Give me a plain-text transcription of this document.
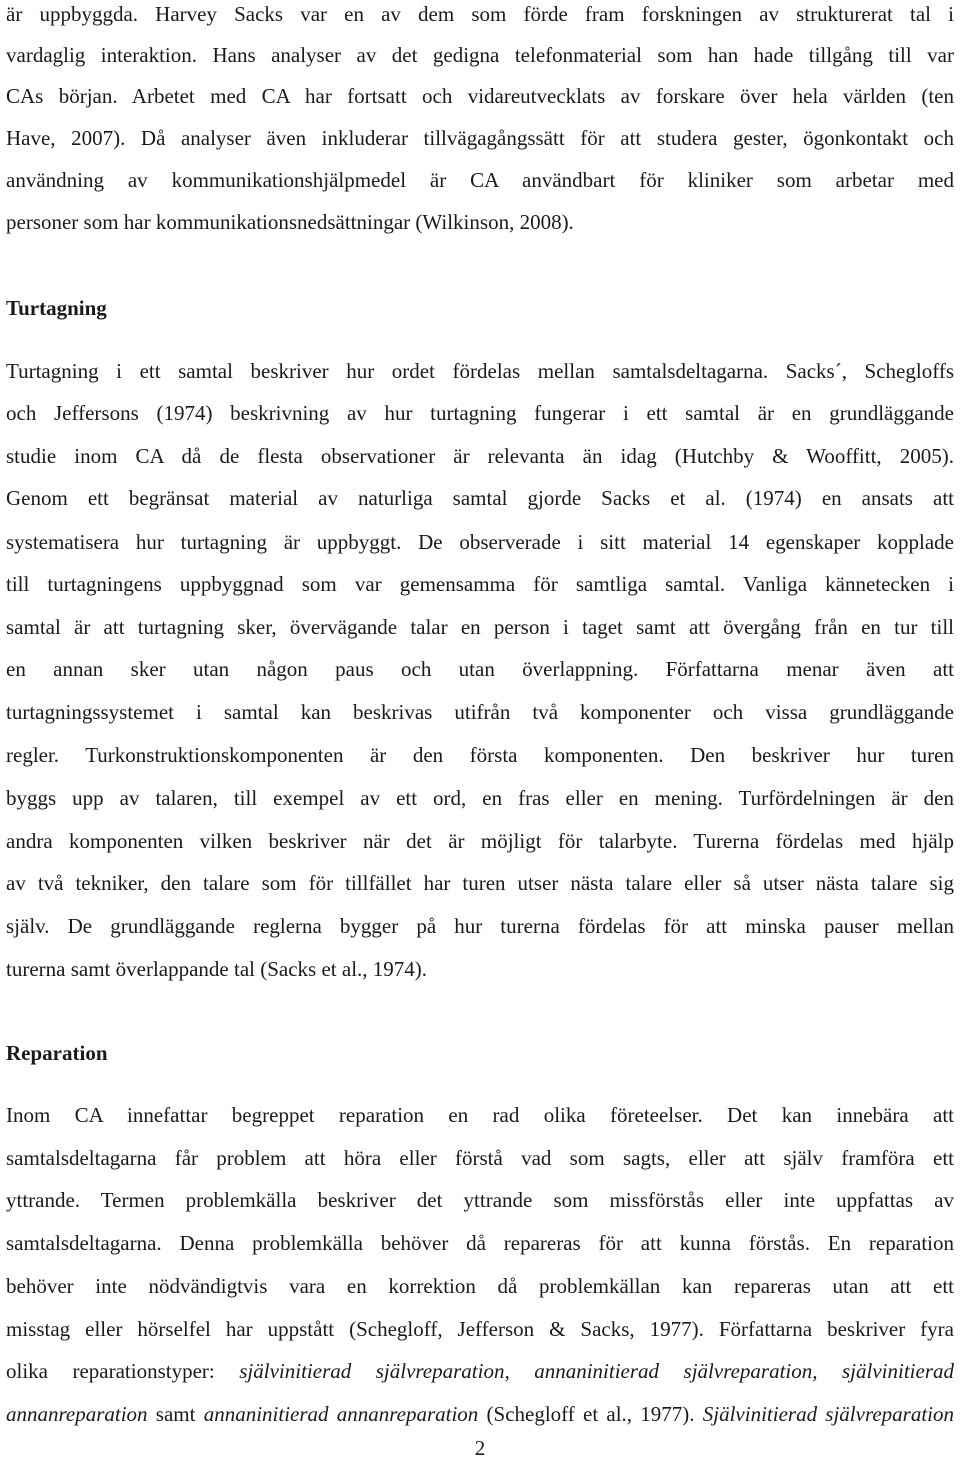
är uppbyggda. Harvey Sacks var en av dem som förde fram forskningen av strukturerat tal i
vardaglig interaktion. Hans analyser av det gedigna telefonmaterial som han hade tillgång till var
CAs början. Arbetet med CA har fortsatt och vidareutvecklats av forskare över hela världen (ten
Have, 2007). Då analyser även inkluderar tillvägagångssätt för att studera gester, ögonkontakt och
användning av kommunikationshjälpmedel är CA användbart för kliniker som arbetar med
personer som har kommunikationsnedsättningar (Wilkinson, 2008).
Turtagning
Turtagning i ett samtal beskriver hur ordet fördelas mellan samtalsdeltagarna. Sacks´, Schegloffs
och Jeffersons (1974) beskrivning av hur turtagning fungerar i ett samtal är en grundläggande
studie inom CA då de flesta observationer är relevanta än idag (Hutchby & Wooffitt, 2005).
Genom ett begränsat material av naturliga samtal gjorde Sacks et al. (1974) en ansats att
systematisera hur turtagning är uppbyggt. De observerade i sitt material 14 egenskaper kopplade
till turtagningens uppbyggnad som var gemensamma för samtliga samtal. Vanliga kännetecken i
samtal är att turtagning sker, övervägande talar en person i taget samt att övergång från en tur till
en annan sker utan någon paus och utan överlappning. Författarna menar även att
turtagningssystemet i samtal kan beskrivas utifrån två komponenter och vissa grundläggande
regler. Turkonstruktionskomponenten är den första komponenten. Den beskriver hur turen
byggs upp av talaren, till exempel av ett ord, en fras eller en mening. Turfördelningen är den
andra komponenten vilken beskriver när det är möjligt för talarbyte. Turerna fördelas med hjälp
av två tekniker, den talare som för tillfället har turen utser nästa talare eller så utser nästa talare sig
själv. De grundläggande reglerna bygger på hur turerna fördelas för att minska pauser mellan
turerna samt överlappande tal (Sacks et al., 1974).
Reparation
Inom CA innefattar begreppet reparation en rad olika företeelser. Det kan innebära att
samtalsdeltagarna får problem att höra eller förstå vad som sagts, eller att själv framföra ett
yttrande. Termen problemkälla beskriver det yttrande som missförstås eller inte uppfattas av
samtalsdeltagarna. Denna problemkälla behöver då repareras för att kunna förstås. En reparation
behöver inte nödvändigtvis vara en korrektion då problemkällan kan repareras utan att ett
misstag eller hörselfel har uppstått (Schegloff, Jefferson & Sacks, 1977). Författarna beskriver fyra
olika reparationstyper: självinitierad självreparation, annaninitierad självreparation, självinitierad
annanreparation samt annaninitierad annanreparation (Schegloff et al., 1977). Självinitierad självreparation
2
